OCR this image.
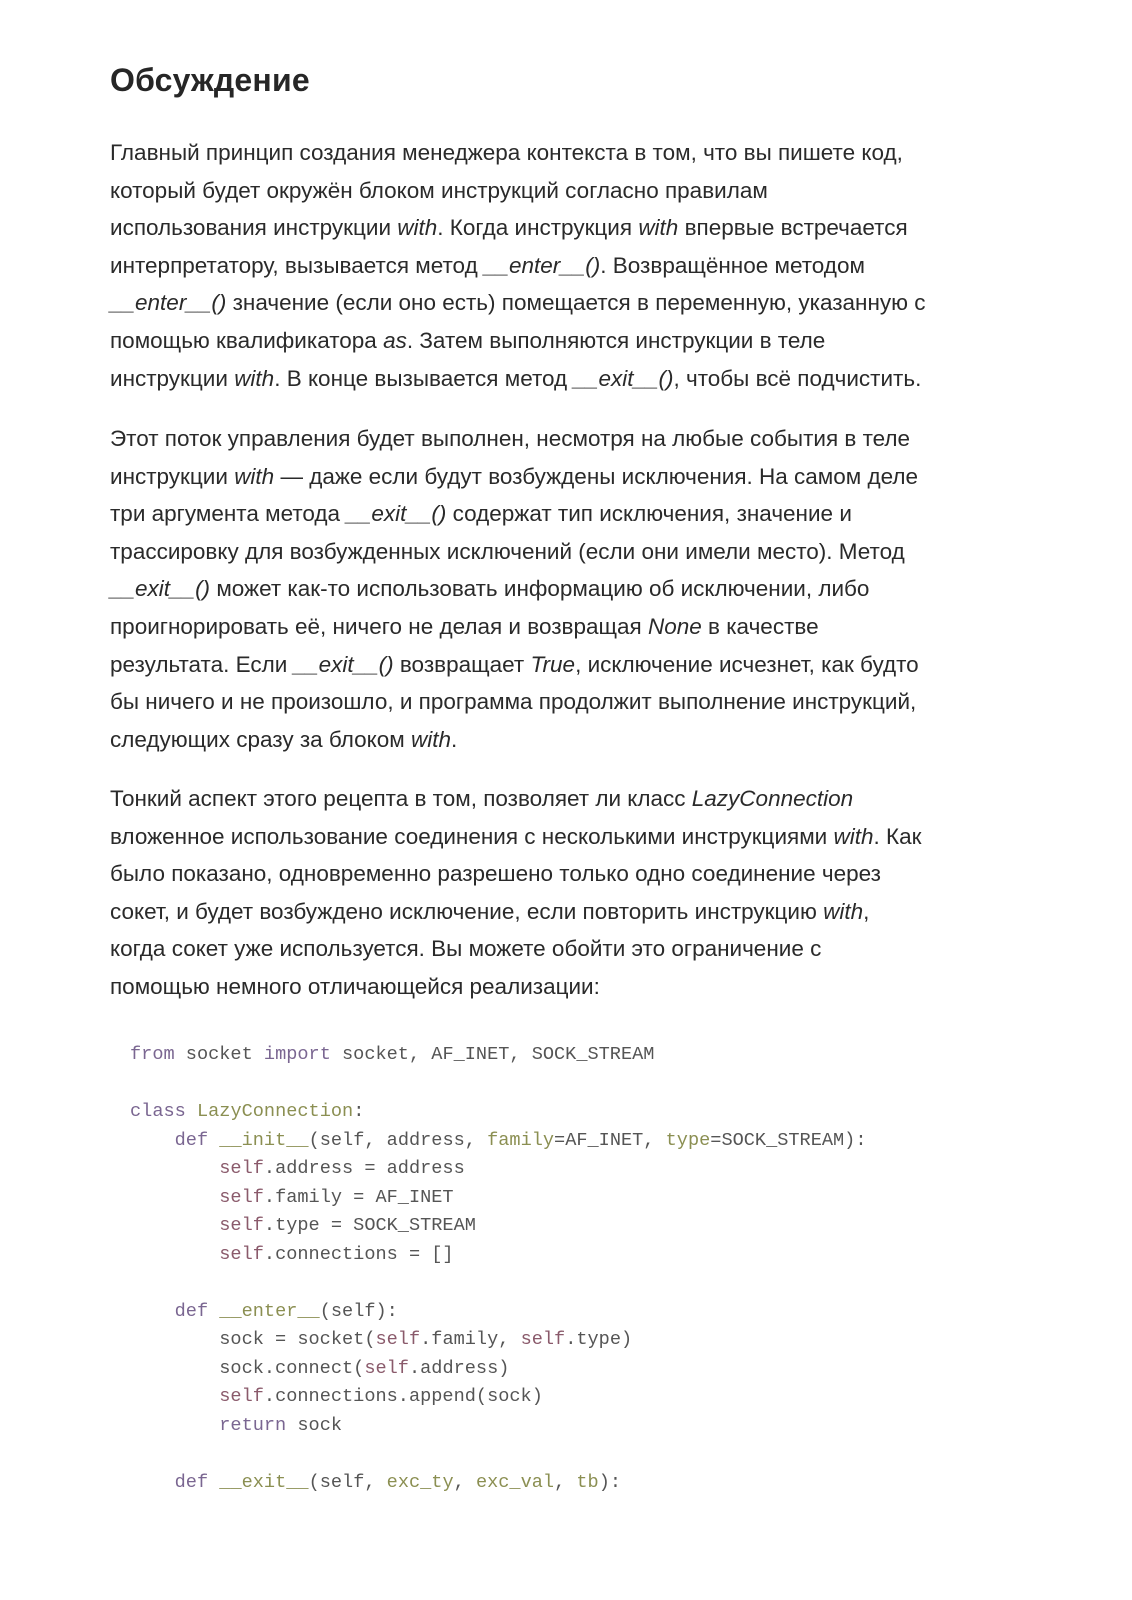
Обсуждение

Главный принцип создания менеджера контекста в том, что вы пишете код,

который будет окружён блоком инструкций согласно правилам

использования инструкции with. Когда инструкция with впервые встречается

интерпретатору, вызывается метод __enter__(). Возвращённое методом

__enter__() значение (если оно есть) помещается в переменную, указанную с

помощью квалификатора as. Затем выполняются инструкции в теле

инструкции with. В конце вызывается метод __exit__(), чтобы всё подчистить.

Этот поток управления будет выполнен, несмотря на любые события в теле

инструкции with — даже если будут возбуждены исключения. На самом деле

три аргумента метода __exit__() содержат тип исключения, значение и

трассировку для возбужденных исключений (если они имели место). Метод

__exit__() может как-то использовать информацию об исключении, либо

проигнорировать её, ничего не делая и возвращая None в качестве

результата. Если __exit__() возвращает True, исключение исчезнет, как будто

бы ничего и не произошло, и программа продолжит выполнение инструкций,

следующих сразу за блоком with.

Тонкий аспект этого рецепта в том, позволяет ли класс LazyConnection

вложенное использование соединения с несколькими инструкциями with. Как

было показано, одновременно разрешено только одно соединение через

сокет, и будет возбуждено исключение, если повторить инструкцию with,

когда сокет уже используется. Вы можете обойти это ограничение с

помощью немного отличающейся реализации:

from socket import socket, AF_INET, SOCK_STREAM

class LazyConnection:
def __init__(self, address, family=AF_INET, type=SOCK_STREAM):
self.address = address
self.family = AF_INET
self.type = SOCK_STREAM
self.connections = []

def __enter__(self):
sock = socket(self.family, self.type)
sock.connect(self.address)
self.connections.append(sock)
return sock

def __exit__(self, exc_ty, exc_val, tb):
